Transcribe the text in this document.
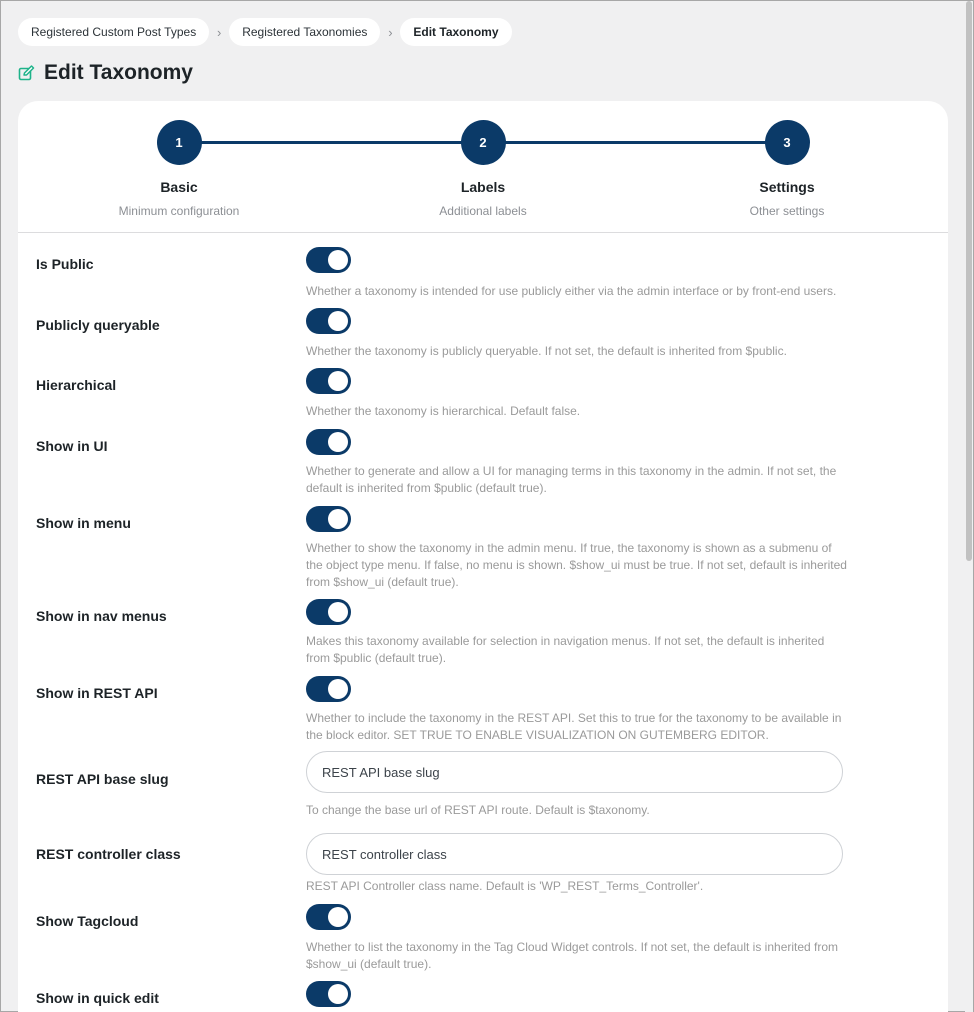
Registered Custom Post Types	›	Registered Taxonomies	›	Edit Taxonomy
Edit Taxonomy
1
Basic
Minimum configuration
2
Labels
Additional labels
3
Settings
Other settings
Is Public

Whether a taxonomy is intended for use publicly either via the admin interface or by front-end users.

Publicly queryable

Whether the taxonomy is publicly queryable. If not set, the default is inherited from $public.

Hierarchical

Whether the taxonomy is hierarchical. Default false.

Show in UI

Whether to generate and allow a UI for managing terms in this taxonomy in the admin. If not set, the default is inherited from $public (default true).

Show in menu

Whether to show the taxonomy in the admin menu. If true, the taxonomy is shown as a submenu of the object type menu. If false, no menu is shown. $show_ui must be true. If not set, default is inherited from $show_ui (default true).

Show in nav menus

Makes this taxonomy available for selection in navigation menus. If not set, the default is inherited from $public (default true).

Show in REST API

Whether to include the taxonomy in the REST API. Set this to true for the taxonomy to be available in the block editor. SET TRUE TO ENABLE VISUALIZATION ON GUTEMBERG EDITOR.

REST API base slug
REST API base slug

To change the base url of REST API route. Default is $taxonomy.

REST controller class
REST controller class

REST API Controller class name. Default is 'WP_REST_Terms_Controller'.

Show Tagcloud

Whether to list the taxonomy in the Tag Cloud Widget controls. If not set, the default is inherited from $show_ui (default true).

Show in quick edit
